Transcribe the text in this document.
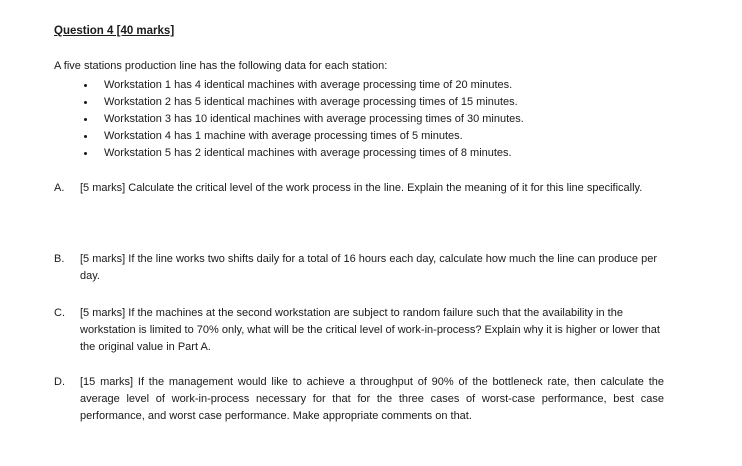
Question 4 [40 marks]
A five stations production line has the following data for each station:
Workstation 1 has 4 identical machines with average processing time of 20 minutes.
Workstation 2 has 5 identical machines with average processing times of 15 minutes.
Workstation 3 has 10 identical machines with average processing times of 30 minutes.
Workstation 4 has 1 machine with average processing times of 5 minutes.
Workstation 5 has 2 identical machines with average processing times of 8 minutes.
A.	[5 marks] Calculate the critical level of the work process in the line. Explain the meaning of it for this line specifically.
B.	[5 marks] If the line works two shifts daily for a total of 16 hours each day, calculate how much the line can produce per day.
C.	[5 marks] If the machines at the second workstation are subject to random failure such that the availability in the workstation is limited to 70% only, what will be the critical level of work-in-process? Explain why it is higher or lower that the original value in Part A.
D.	[15 marks] If the management would like to achieve a throughput of 90% of the bottleneck rate, then calculate the average level of work-in-process necessary for that for the three cases of worst-case performance, best case performance, and worst case performance. Make appropriate comments on that.
